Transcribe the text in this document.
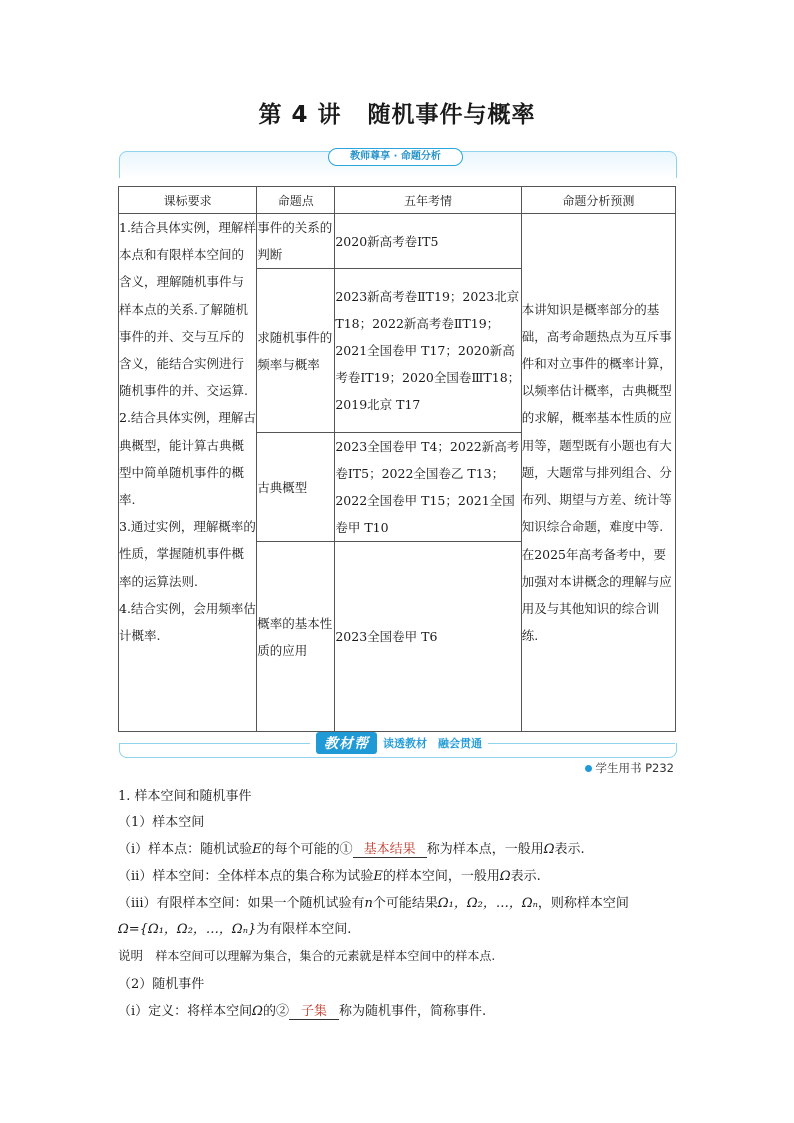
第 4 讲 随机事件与概率
教师尊享 · 命题分析
课标要求	命题点	五年考情	命题分析预测

1.结合具体实例，理解样本点和有限样本空间的含义，理解随机事件与样本点的关系.了解随机事件的并、交与互斥的含义，能结合实例进行随机事件的并、交运算.
2.结合具体实例，理解古典概型，能计算古典概型中简单随机事件的概率.
3.通过实例，理解概率的性质，掌握随机事件概率的运算法则.
4.结合实例，会用频率估计概率.	事件的关系的判断	2020新高考卷ⅠT5	本讲知识是概率部分的基础，高考命题热点为互斥事件和对立事件的概率计算，以频率估计概率，古典概型的求解，概率基本性质的应用等，题型既有小题也有大题，大题常与排列组合、分布列、期望与方差、统计等知识综合命题，难度中等.在2025年高考备考中，要加强对本讲概念的理解与应用及与其他知识的综合训练.
	求随机事件的频率与概率	2023新高考卷ⅡT19；2023北京 T18；2022新高考卷ⅡT19；2021全国卷甲 T17；2020新高考卷ⅠT19；2020全国卷ⅢT18；2019北京 T17	
	古典概型	2023全国卷甲 T4；2022新高考卷ⅠT5；2022全国卷乙 T13；2022全国卷甲 T15；2021全国卷甲 T10	
	概率的基本性质的应用	2023全国卷甲 T6	
教材帮	读透教材　融会贯通
学生用书 P232
1. 样本空间和随机事件
（1）样本空间
（i）样本点：随机试验E的每个可能的① 基本结果 称为样本点，一般用Ω表示.
（ii）样本空间：全体样本点的集合称为试验E的样本空间，一般用Ω表示.
（iii）有限样本空间：如果一个随机试验有n个可能结果Ω₁，Ω₂，…，Ωₙ，则称样本空间
Ω={Ω₁，Ω₂，…，Ωₙ}为有限样本空间.
说明 样本空间可以理解为集合，集合的元素就是样本空间中的样本点.
（2）随机事件
（i）定义：将样本空间Ω的② 子集 称为随机事件，简称事件.
